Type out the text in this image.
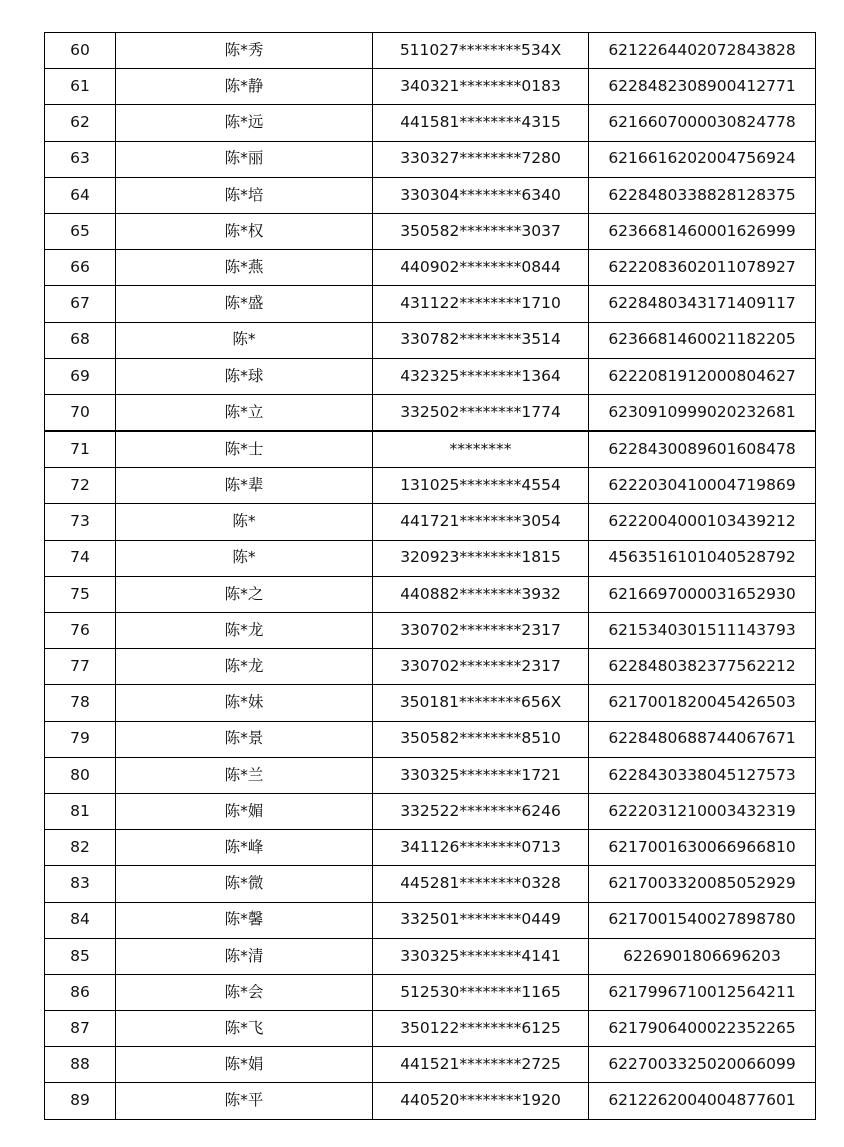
60	陈*秀	511027********534X	6212264402072843828
61	陈*静	340321********0183	6228482308900412771
62	陈*远	441581********4315	6216607000030824778
63	陈*丽	330327********7280	6216616202004756924
64	陈*培	330304********6340	6228480338828128375
65	陈*权	350582********3037	6236681460001626999
66	陈*燕	440902********0844	6222083602011078927
67	陈*盛	431122********1710	6228480343171409117
68	陈*	330782********3514	6236681460021182205
69	陈*球	432325********1364	6222081912000804627
70	陈*立	332502********1774	6230910999020232681
71	陈*士	********	6228430089601608478
72	陈*辈	131025********4554	6222030410004719869
73	陈*	441721********3054	6222004000103439212
74	陈*	320923********1815	4563516101040528792
75	陈*之	440882********3932	6216697000031652930
76	陈*龙	330702********2317	6215340301511143793
77	陈*龙	330702********2317	6228480382377562212
78	陈*妹	350181********656X	6217001820045426503
79	陈*景	350582********8510	6228480688744067671
80	陈*兰	330325********1721	6228430338045127573
81	陈*媚	332522********6246	6222031210003432319
82	陈*峰	341126********0713	6217001630066966810
83	陈*微	445281********0328	6217003320085052929
84	陈*馨	332501********0449	6217001540027898780
85	陈*清	330325********4141	6226901806696203
86	陈*会	512530********1165	6217996710012564211
87	陈*飞	350122********6125	6217906400022352265
88	陈*娟	441521********2725	6227003325020066099
89	陈*平	440520********1920	6212262004004877601
